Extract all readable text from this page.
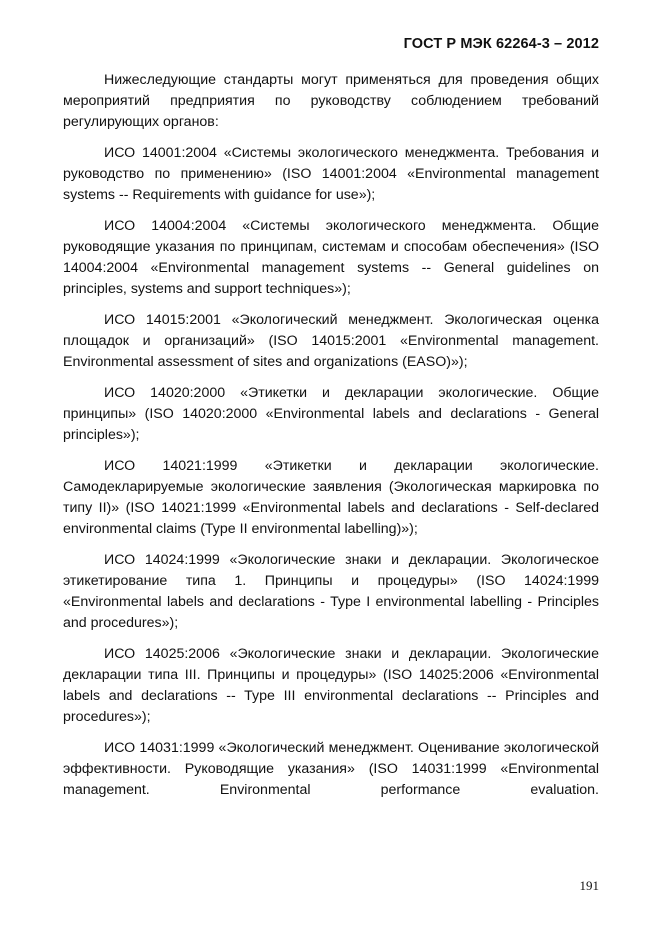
ГОСТ Р МЭК 62264-3 – 2012

Нижеследующие стандарты могут применяться для проведения общих мероприятий предприятия по руководству соблюдением требований регулирующих органов:

ИСО 14001:2004 «Системы экологического менеджмента. Требования и руководство по применению» (ISO 14001:2004 «Environmental management systems -- Requirements with guidance for use»);

ИСО 14004:2004 «Системы экологического менеджмента. Общие руководящие указания по принципам, системам и способам обеспечения» (ISO 14004:2004 «Environmental management systems -- General guidelines on principles, systems and support techniques»);

ИСО 14015:2001 «Экологический менеджмент. Экологическая оценка площадок и организаций» (ISO 14015:2001 «Environmental management. Environmental assessment of sites and organizations (EASO)»);

ИСО 14020:2000 «Этикетки и декларации экологические. Общие принципы» (ISO 14020:2000 «Environmental labels and declarations - General principles»);

ИСО 14021:1999 «Этикетки и декларации экологические. Самодекларируемые экологические заявления (Экологическая маркировка по типу II)» (ISO 14021:1999 «Environmental labels and declarations - Self-declared environmental claims (Type II environmental labelling)»);

ИСО 14024:1999 «Экологические знаки и декларации. Экологическое этикетирование типа 1. Принципы и процедуры» (ISO 14024:1999 «Environmental labels and declarations - Type I environmental labelling - Principles and procedures»);

ИСО 14025:2006 «Экологические знаки и декларации. Экологические декларации типа III. Принципы и процедуры» (ISO 14025:2006 «Environmental labels and declarations -- Type III environmental declarations -- Principles and procedures»);

ИСО 14031:1999 «Экологический менеджмент. Оценивание экологической эффективности. Руководящие указания» (ISO 14031:1999 «Environmental management. Environmental performance evaluation.

191
